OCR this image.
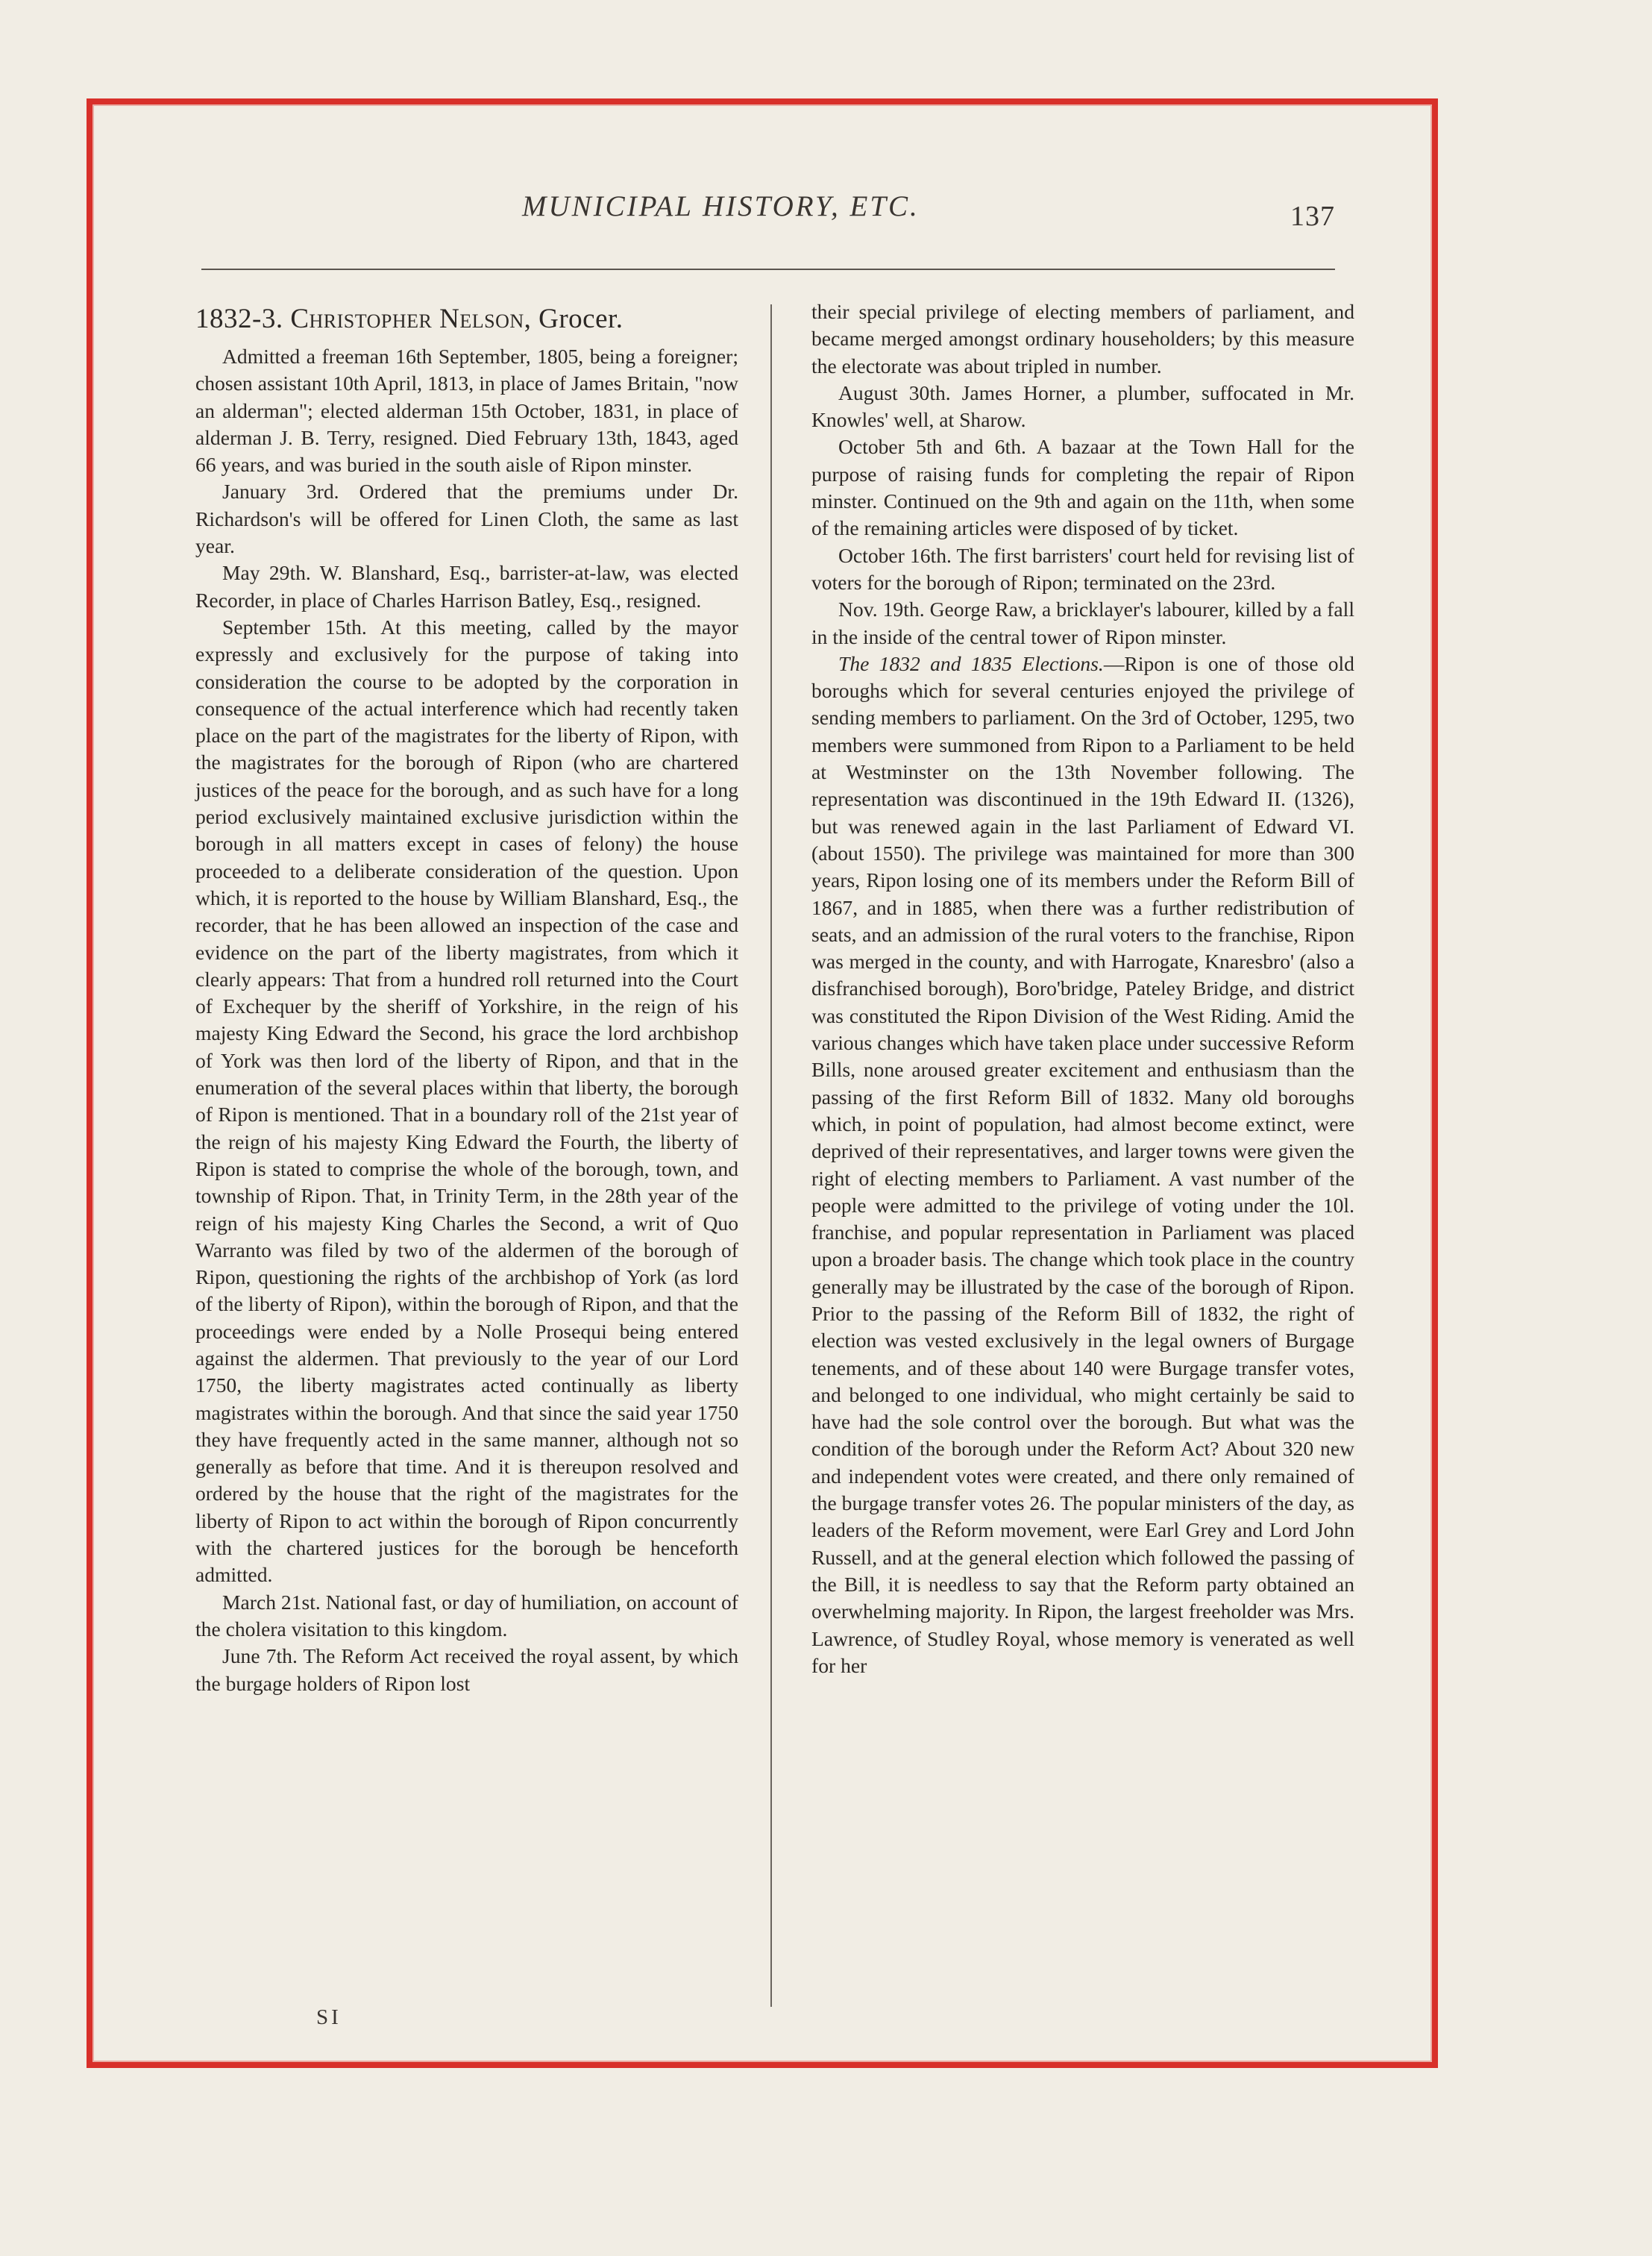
MUNICIPAL HISTORY, ETC.	137
1832-3. Christopher Nelson, Grocer.

Admitted a freeman 16th September, 1805, being a foreigner; chosen assistant 10th April, 1813, in place of James Britain, "now an alderman"; elected alderman 15th October, 1831, in place of alderman J. B. Terry, resigned. Died February 13th, 1843, aged 66 years, and was buried in the south aisle of Ripon minster.

January 3rd. Ordered that the premiums under Dr. Richardson's will be offered for Linen Cloth, the same as last year.

May 29th. W. Blanshard, Esq., barrister-at-law, was elected Recorder, in place of Charles Harrison Batley, Esq., resigned.

September 15th. At this meeting, called by the mayor expressly and exclusively for the purpose of taking into consideration the course to be adopted by the corporation in consequence of the actual interference which had recently taken place on the part of the magistrates for the liberty of Ripon, with the magistrates for the borough of Ripon (who are chartered justices of the peace for the borough, and as such have for a long period exclusively maintained exclusive jurisdiction within the borough in all matters except in cases of felony) the house proceeded to a deliberate consideration of the question. Upon which, it is reported to the house by William Blanshard, Esq., the recorder, that he has been allowed an inspection of the case and evidence on the part of the liberty magistrates, from which it clearly appears: That from a hundred roll returned into the Court of Exchequer by the sheriff of Yorkshire, in the reign of his majesty King Edward the Second, his grace the lord archbishop of York was then lord of the liberty of Ripon, and that in the enumeration of the several places within that liberty, the borough of Ripon is mentioned. That in a boundary roll of the 21st year of the reign of his majesty King Edward the Fourth, the liberty of Ripon is stated to comprise the whole of the borough, town, and township of Ripon. That, in Trinity Term, in the 28th year of the reign of his majesty King Charles the Second, a writ of Quo Warranto was filed by two of the aldermen of the borough of Ripon, questioning the rights of the archbishop of York (as lord of the liberty of Ripon), within the borough of Ripon, and that the proceedings were ended by a Nolle Prosequi being entered against the aldermen. That previously to the year of our Lord 1750, the liberty magistrates acted continually as liberty magistrates within the borough. And that since the said year 1750 they have frequently acted in the same manner, although not so generally as before that time. And it is thereupon resolved and ordered by the house that the right of the magistrates for the liberty of Ripon to act within the borough of Ripon concurrently with the chartered justices for the borough be henceforth admitted.

March 21st. National fast, or day of humiliation, on account of the cholera visitation to this kingdom.

June 7th. The Reform Act received the royal assent, by which the burgage holders of Ripon lost

their special privilege of electing members of parliament, and became merged amongst ordinary householders; by this measure the electorate was about tripled in number.

August 30th. James Horner, a plumber, suffocated in Mr. Knowles' well, at Sharow.

October 5th and 6th. A bazaar at the Town Hall for the purpose of raising funds for completing the repair of Ripon minster. Continued on the 9th and again on the 11th, when some of the remaining articles were disposed of by ticket.

October 16th. The first barristers' court held for revising list of voters for the borough of Ripon; terminated on the 23rd.

Nov. 19th. George Raw, a bricklayer's labourer, killed by a fall in the inside of the central tower of Ripon minster.

The 1832 and 1835 Elections.—Ripon is one of those old boroughs which for several centuries enjoyed the privilege of sending members to parliament. On the 3rd of October, 1295, two members were summoned from Ripon to a Parliament to be held at Westminster on the 13th November following. The representation was discontinued in the 19th Edward II. (1326), but was renewed again in the last Parliament of Edward VI. (about 1550). The privilege was maintained for more than 300 years, Ripon losing one of its members under the Reform Bill of 1867, and in 1885, when there was a further redistribution of seats, and an admission of the rural voters to the franchise, Ripon was merged in the county, and with Harrogate, Knaresbro' (also a disfranchised borough), Boro'bridge, Pateley Bridge, and district was constituted the Ripon Division of the West Riding. Amid the various changes which have taken place under successive Reform Bills, none aroused greater excitement and enthusiasm than the passing of the first Reform Bill of 1832. Many old boroughs which, in point of population, had almost become extinct, were deprived of their representatives, and larger towns were given the right of electing members to Parliament. A vast number of the people were admitted to the privilege of voting under the 10l. franchise, and popular representation in Parliament was placed upon a broader basis. The change which took place in the country generally may be illustrated by the case of the borough of Ripon. Prior to the passing of the Reform Bill of 1832, the right of election was vested exclusively in the legal owners of Burgage tenements, and of these about 140 were Burgage transfer votes, and belonged to one individual, who might certainly be said to have had the sole control over the borough. But what was the condition of the borough under the Reform Act? About 320 new and independent votes were created, and there only remained of the burgage transfer votes 26. The popular ministers of the day, as leaders of the Reform movement, were Earl Grey and Lord John Russell, and at the general election which followed the passing of the Bill, it is needless to say that the Reform party obtained an overwhelming majority. In Ripon, the largest freeholder was Mrs. Lawrence, of Studley Royal, whose memory is venerated as well for her

SI
